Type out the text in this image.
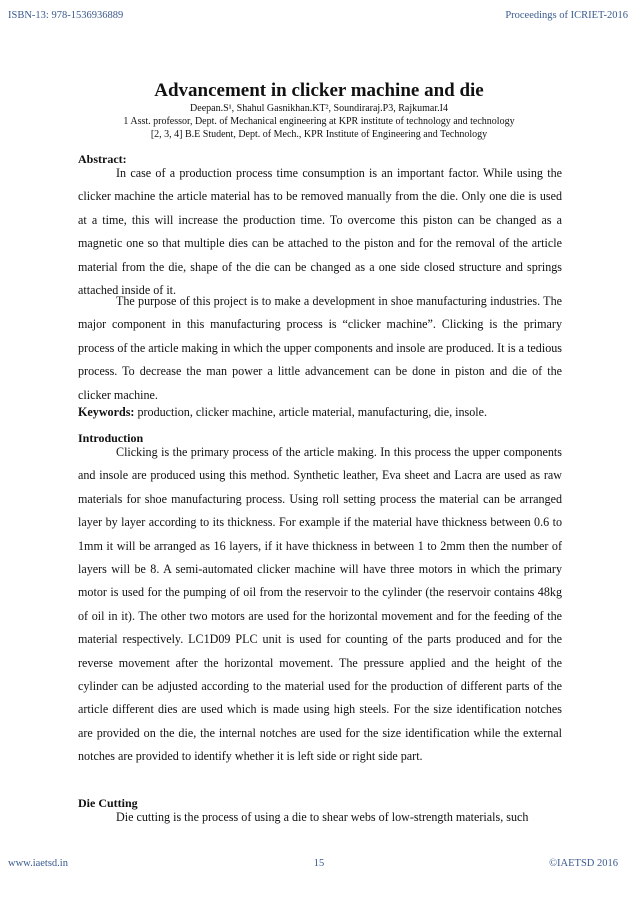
ISBN-13: 978-1536936889	Proceedings of ICRIET-2016
Advancement in clicker machine and die
Deepan.S¹, Shahul Gasnikhan.KT², Soundiraraj.P3, Rajkumar.I4
1 Asst. professor, Dept. of Mechanical engineering at KPR institute of technology and technology
[2, 3, 4] B.E Student, Dept. of Mech., KPR Institute of Engineering and Technology
Abstract:

In case of a production process time consumption is an important factor. While using the clicker machine the article material has to be removed manually from the die. Only one die is used at a time, this will increase the production time. To overcome this piston can be changed as a magnetic one so that multiple dies can be attached to the piston and for the removal of the article material from the die, shape of the die can be changed as a one side closed structure and springs attached inside of it.

The purpose of this project is to make a development in shoe manufacturing industries. The major component in this manufacturing process is “clicker machine”. Clicking is the primary process of the article making in which the upper components and insole are produced. It is a tedious process. To decrease the man power a little advancement can be done in piston and die of the clicker machine.

Keywords: production, clicker machine, article material, manufacturing, die, insole.

Introduction

Clicking is the primary process of the article making. In this process the upper components and insole are produced using this method. Synthetic leather, Eva sheet and Lacra are used as raw materials for shoe manufacturing process. Using roll setting process the material can be arranged layer by layer according to its thickness. For example if the material have thickness between 0.6 to 1mm it will be arranged as 16 layers, if it have thickness in between 1 to 2mm then the number of layers will be 8. A semi-automated clicker machine will have three motors in which the primary motor is used for the pumping of oil from the reservoir to the cylinder (the reservoir contains 48kg of oil in it). The other two motors are used for the horizontal movement and for the feeding of the material respectively. LC1D09 PLC unit is used for counting of the parts produced and for the reverse movement after the horizontal movement. The pressure applied and the height of the cylinder can be adjusted according to the material used for the production of different parts of the article different dies are used which is made using high steels. For the size identification notches are provided on the die, the internal notches are used for the size identification while the external notches are provided to identify whether it is left side or right side part.

Die Cutting

Die cutting is the process of using a die to shear webs of low-strength materials, such

www.iaetsd.in	15	©IAETSD 2016
